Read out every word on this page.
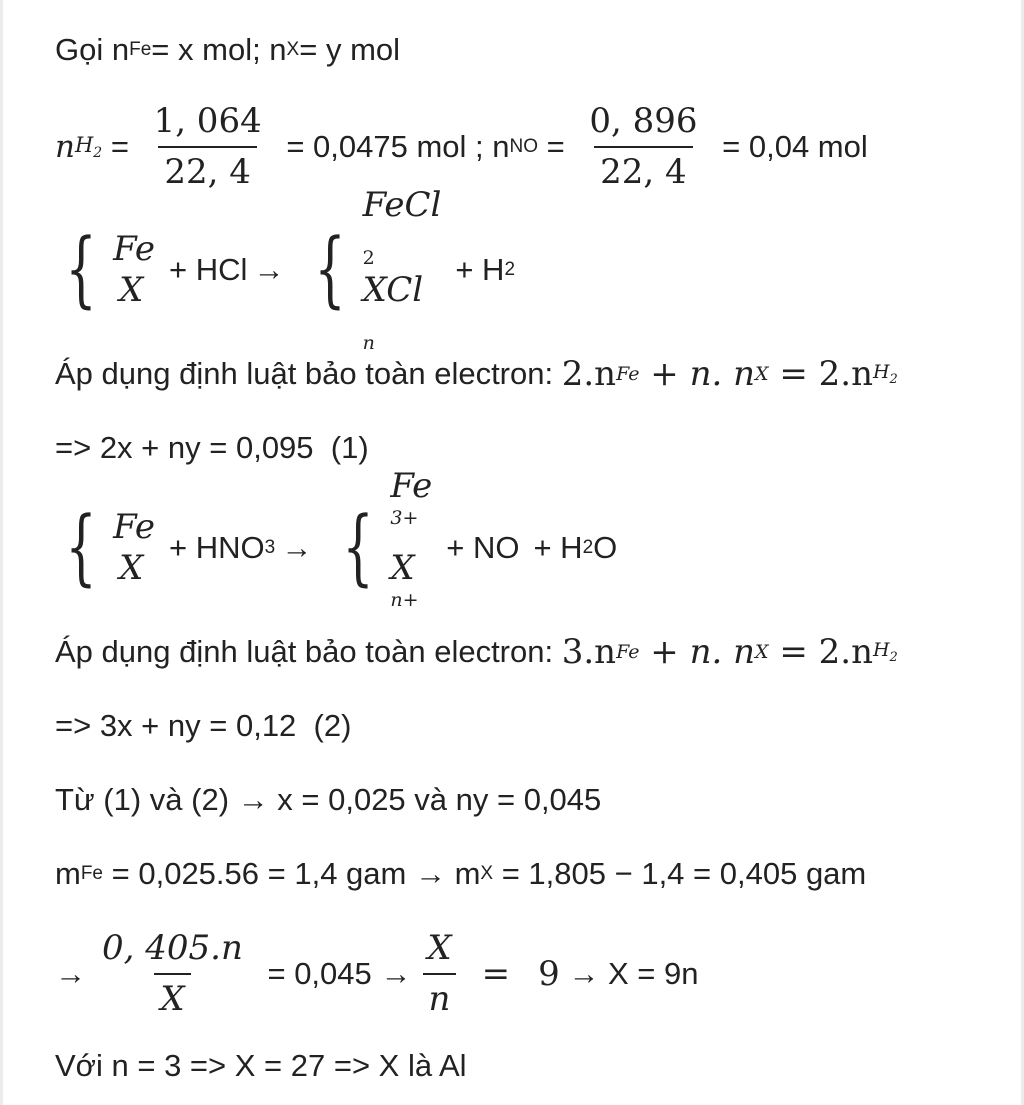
Gọi n Fe = x mol; n X = y mol
n $H_2 = \frac{1, 064}{22, 4} = 0,0475$ mol ; n NO = $\frac{0, 896}{22, 4} = 0,04$ mol
{ Fe
X
+ HCl → {
FeCl
$_2$
XCl
$_n$
+ H 2
Áp dụng định luật bảo toàn electron: 2.n Fe + n. n X = 2.n $H_2$
=> 2x + ny = 0,095  (1)
{ Fe
X
+ HNO 3 → {
Fe
$^{3+}$
X
$^{n+}$
+ NO + H 2 O
Áp dụng định luật bảo toàn electron: 3.n Fe + n. n X = 2.n $H_2$
=> 3x + ny = 0,12  (2)
Từ (1) và (2) → x = 0,025 và ny = 0,045
m Fe = 0,025.56 = 1,4 gam → m X = 1,805 − 1,4 = 0,405 gam
→ $\frac{0, 405.n}{X} = 0,045 \to \frac{X}{n} = 9 \to X = 9n$
Với n = 3 => X = 27 => X là Al
